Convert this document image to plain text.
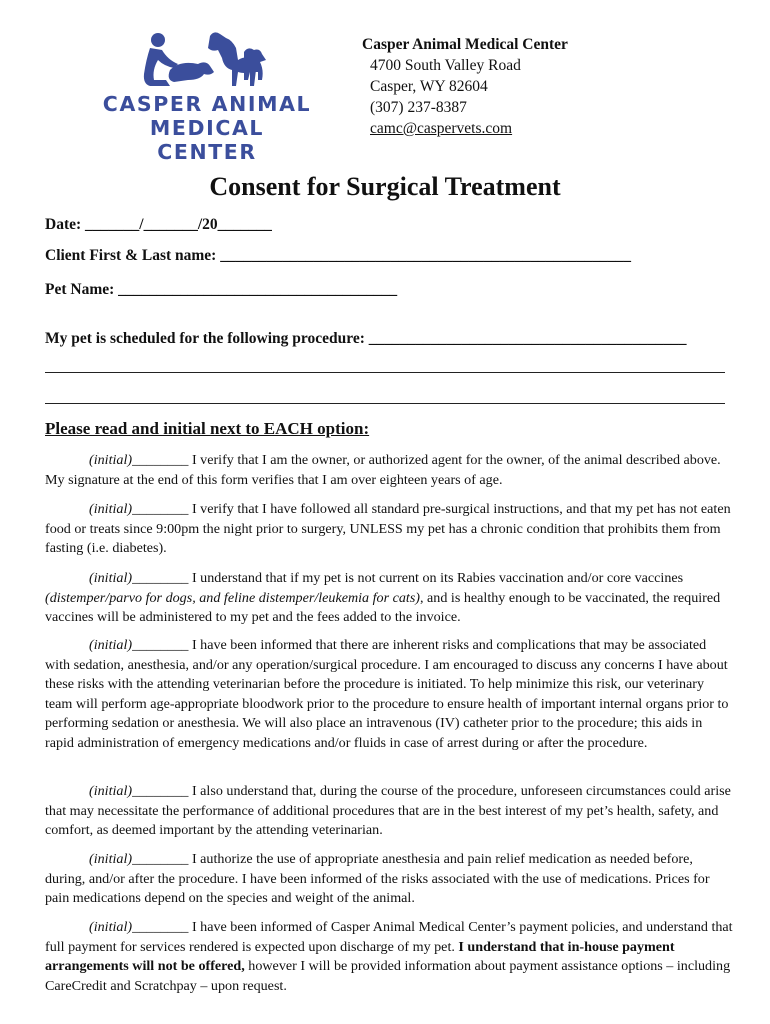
CASPER ANIMAL
MEDICAL CENTER
Casper Animal Medical Center
4700 South Valley Road
Casper, WY 82604
(307) 237-8387
camc@caspervets.com
Consent for Surgical Treatment
Date: _______/_______/20_______
Client First & Last name: _____________________________________________________
Pet Name: ____________________________________
My pet is scheduled for the following procedure: _________________________________________
Please read and initial next to EACH option:
(initial)________ I verify that I am the owner, or authorized agent for the owner, of the animal described above. My signature at the end of this form verifies that I am over eighteen years of age.
(initial)________ I verify that I have followed all standard pre-surgical instructions, and that my pet has not eaten food or treats since 9:00pm the night prior to surgery, UNLESS my pet has a chronic condition that prohibits them from fasting (i.e. diabetes).
(initial)________ I understand that if my pet is not current on its Rabies vaccination and/or core vaccines (distemper/parvo for dogs, and feline distemper/leukemia for cats), and is healthy enough to be vaccinated, the required vaccines will be administered to my pet and the fees added to the invoice.
(initial)________ I have been informed that there are inherent risks and complications that may be associated with sedation, anesthesia, and/or any operation/surgical procedure. I am encouraged to discuss any concerns I have about these risks with the attending veterinarian before the procedure is initiated. To help minimize this risk, our veterinary team will perform age-appropriate bloodwork prior to the procedure to ensure health of important internal organs prior to performing sedation or anesthesia. We will also place an intravenous (IV) catheter prior to the procedure; this aids in rapid administration of emergency medications and/or fluids in case of arrest during or after the procedure.
(initial)________ I also understand that, during the course of the procedure, unforeseen circumstances could arise that may necessitate the performance of additional procedures that are in the best interest of my pet’s health, safety, and comfort, as deemed important by the attending veterinarian.
(initial)________ I authorize the use of appropriate anesthesia and pain relief medication as needed before, during, and/or after the procedure. I have been informed of the risks associated with the use of medications. Prices for pain medications depend on the species and weight of the animal.
(initial)________ I have been informed of Casper Animal Medical Center’s payment policies, and understand that full payment for services rendered is expected upon discharge of my pet. I understand that in-house payment arrangements will not be offered, however I will be provided information about payment assistance options – including CareCredit and Scratchpay – upon request.
